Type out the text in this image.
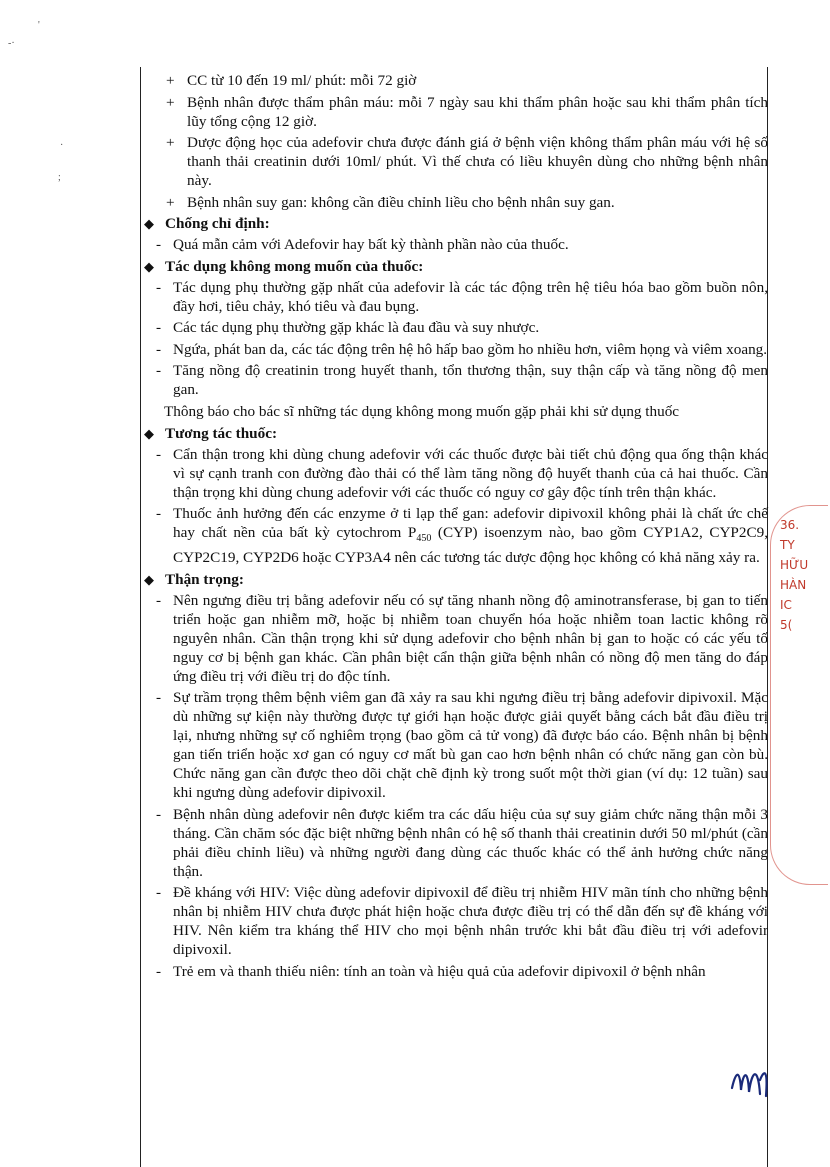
'
-·
·
;
+ CC từ 10 đến 19 ml/ phút: mỗi 72 giờ
+ Bệnh nhân được thẩm phân máu: mỗi 7 ngày sau khi thẩm phân hoặc sau khi thẩm phân tích lũy tổng cộng 12 giờ.
+ Dược động học của adefovir chưa được đánh giá ở bệnh viện không thẩm phân máu với hệ số thanh thải creatinin dưới 10ml/ phút. Vì thế chưa có liều khuyên dùng cho những bệnh nhân này.
+ Bệnh nhân suy gan: không cần điều chỉnh liều cho bệnh nhân suy gan.
◆ Chống chỉ định:
- Quá mẫn cảm với Adefovir hay bất kỳ thành phần nào của thuốc.
◆ Tác dụng không mong muốn của thuốc:
- Tác dụng phụ thường gặp nhất của adefovir là các tác động trên hệ tiêu hóa bao gồm buồn nôn, đầy hơi, tiêu chảy, khó tiêu và đau bụng.
- Các tác dụng phụ thường gặp khác là đau đầu và suy nhược.
- Ngứa, phát ban da, các tác động trên hệ hô hấp bao gồm ho nhiều hơn, viêm họng và viêm xoang.
- Tăng nồng độ creatinin trong huyết thanh, tổn thương thận, suy thận cấp và tăng nồng độ men gan.
Thông báo cho bác sĩ những tác dụng không mong muốn gặp phải khi sử dụng thuốc
◆ Tương tác thuốc:
- Cẩn thận trong khi dùng chung adefovir với các thuốc được bài tiết chủ động qua ống thận khác vì sự cạnh tranh con đường đào thải có thể làm tăng nồng độ huyết thanh của cả hai thuốc. Cần thận trọng khi dùng chung adefovir với các thuốc có nguy cơ gây độc tính trên thận khác.
- Thuốc ảnh hưởng đến các enzyme ở ti lạp thể gan: adefovir dipivoxil không phải là chất ức chế hay chất nền của bất kỳ cytochrom $P_{450}$ (CYP) isoenzym nào, bao gồm CYP1A2, CYP2C9, CYP2C19, CYP2D6 hoặc CYP3A4 nên các tương tác dược động học không có khả năng xảy ra.
◆ Thận trọng:
- Nên ngưng điều trị bằng adefovir nếu có sự tăng nhanh nồng độ aminotransferase, bị gan to tiến triển hoặc gan nhiễm mỡ, hoặc bị nhiễm toan chuyển hóa hoặc nhiễm toan lactic không rõ nguyên nhân. Cần thận trọng khi sử dụng adefovir cho bệnh nhân bị gan to hoặc có các yếu tố nguy cơ bị bệnh gan khác. Cần phân biệt cẩn thận giữa bệnh nhân có nồng độ men tăng do đáp ứng điều trị với điều trị do độc tính.
- Sự trầm trọng thêm bệnh viêm gan đã xảy ra sau khi ngưng điều trị bằng adefovir dipivoxil. Mặc dù những sự kiện này thường được tự giới hạn hoặc được giải quyết bằng cách bắt đầu điều trị lại, nhưng những sự cố nghiêm trọng (bao gồm cả tử vong) đã được báo cáo. Bệnh nhân bị bệnh gan tiến triển hoặc xơ gan có nguy cơ mất bù gan cao hơn bệnh nhân có chức năng gan còn bù. Chức năng gan cần được theo dõi chặt chẽ định kỳ trong suốt một thời gian (ví dụ: 12 tuần) sau khi ngưng dùng adefovir dipivoxil.
- Bệnh nhân dùng adefovir nên được kiểm tra các dấu hiệu của sự suy giảm chức năng thận mỗi 3 tháng. Cần chăm sóc đặc biệt những bệnh nhân có hệ số thanh thải creatinin dưới 50 ml/phút (cần phải điều chỉnh liều) và những người đang dùng các thuốc khác có thể ảnh hưởng chức năng thận.
- Đề kháng với HIV: Việc dùng adefovir dipivoxil để điều trị nhiễm HIV mãn tính cho những bệnh nhân bị nhiễm HIV chưa được phát hiện hoặc chưa được điều trị có thể dẫn đến sự đề kháng với HIV. Nên kiểm tra kháng thể HIV cho mọi bệnh nhân trước khi bắt đầu điều trị với adefovir dipivoxil.
- Trẻ em và thanh thiếu niên: tính an toàn và hiệu quả của adefovir dipivoxil ở bệnh nhân
36.
TY
HỮU
HÀN
IC
5(
